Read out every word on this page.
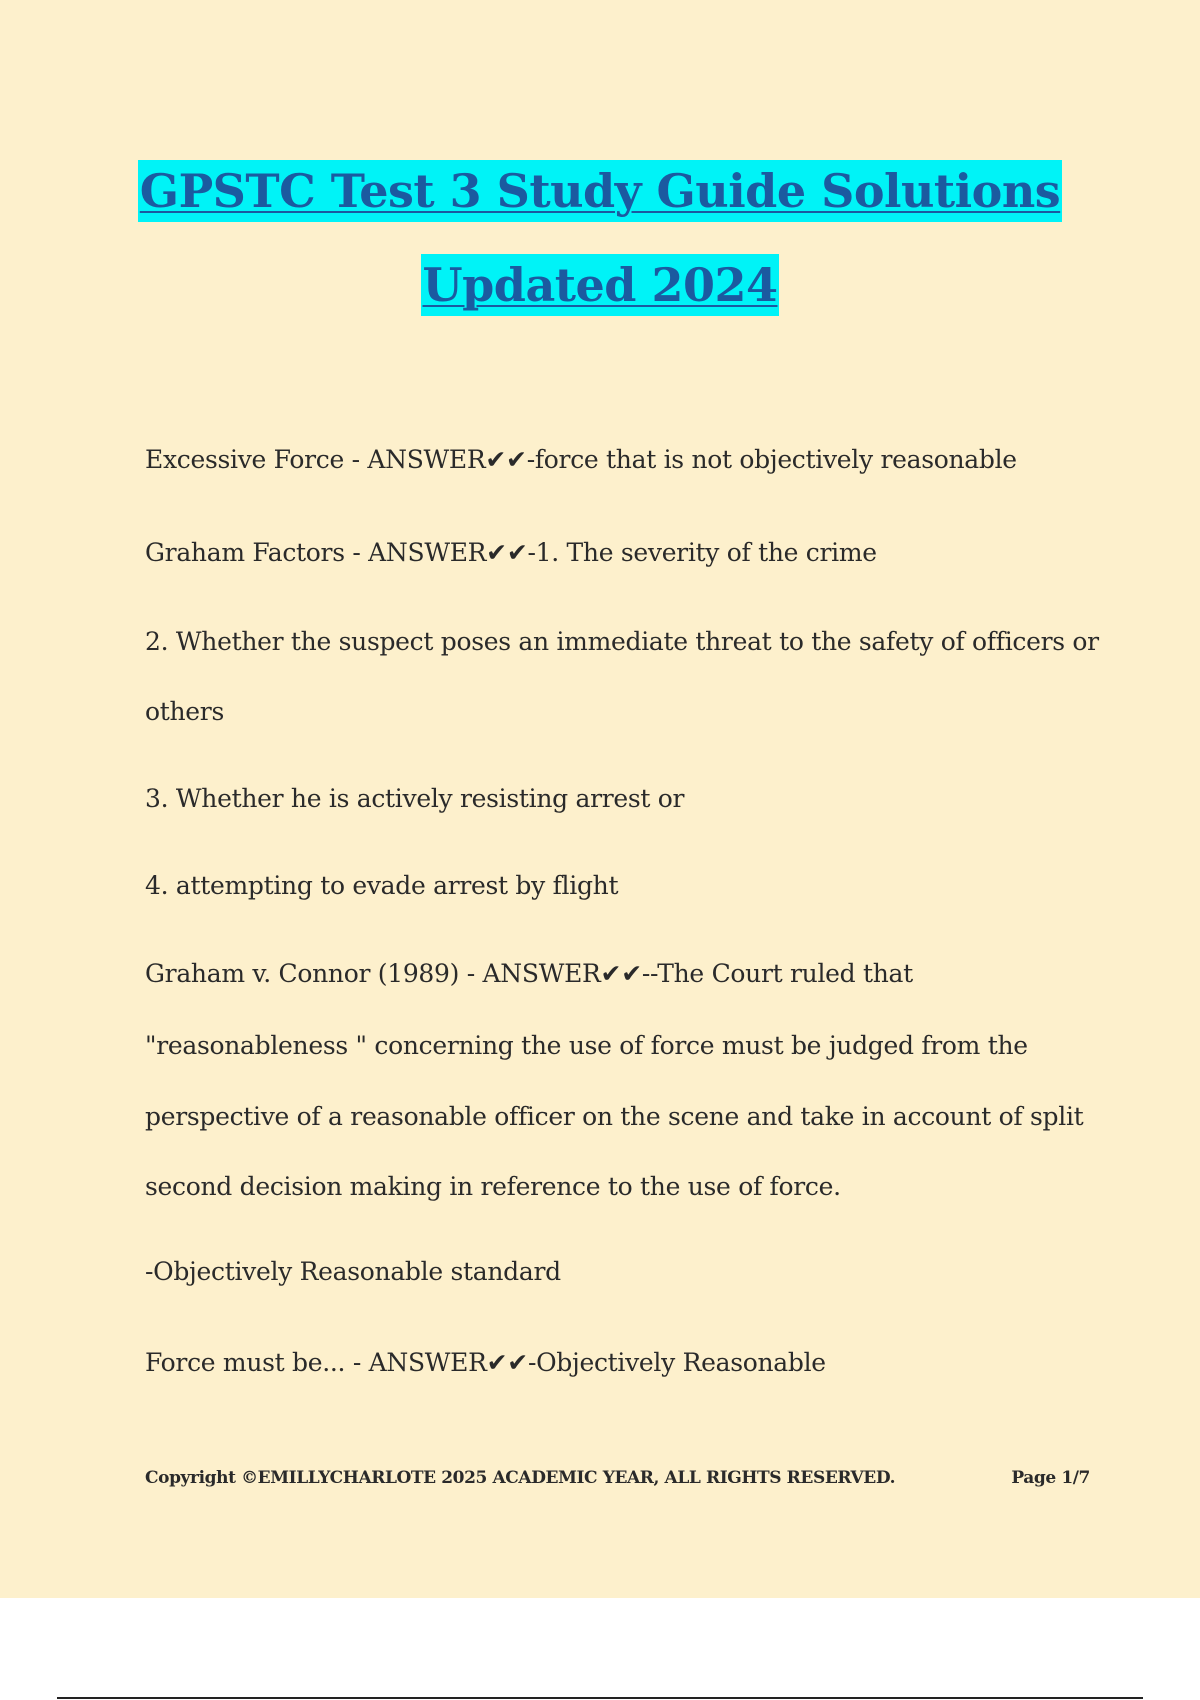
GPSTC Test 3 Study Guide Solutions
Updated 2024
Excessive Force - ANSWER✔✔-force that is not objectively reasonable
Graham Factors - ANSWER✔✔-1. The severity of the crime
2. Whether the suspect poses an immediate threat to the safety of officers or
others
3. Whether he is actively resisting arrest or
4. attempting to evade arrest by flight
Graham v. Connor (1989) - ANSWER✔✔--The Court ruled that
"reasonableness " concerning the use of force must be judged from the
perspective of a reasonable officer on the scene and take in account of split
second decision making in reference to the use of force.
-Objectively Reasonable standard
Force must be... - ANSWER✔✔-Objectively Reasonable
Copyright ©EMILLYCHARLOTE 2025 ACADEMIC YEAR, ALL RIGHTS RESERVED.	Page 1/7
